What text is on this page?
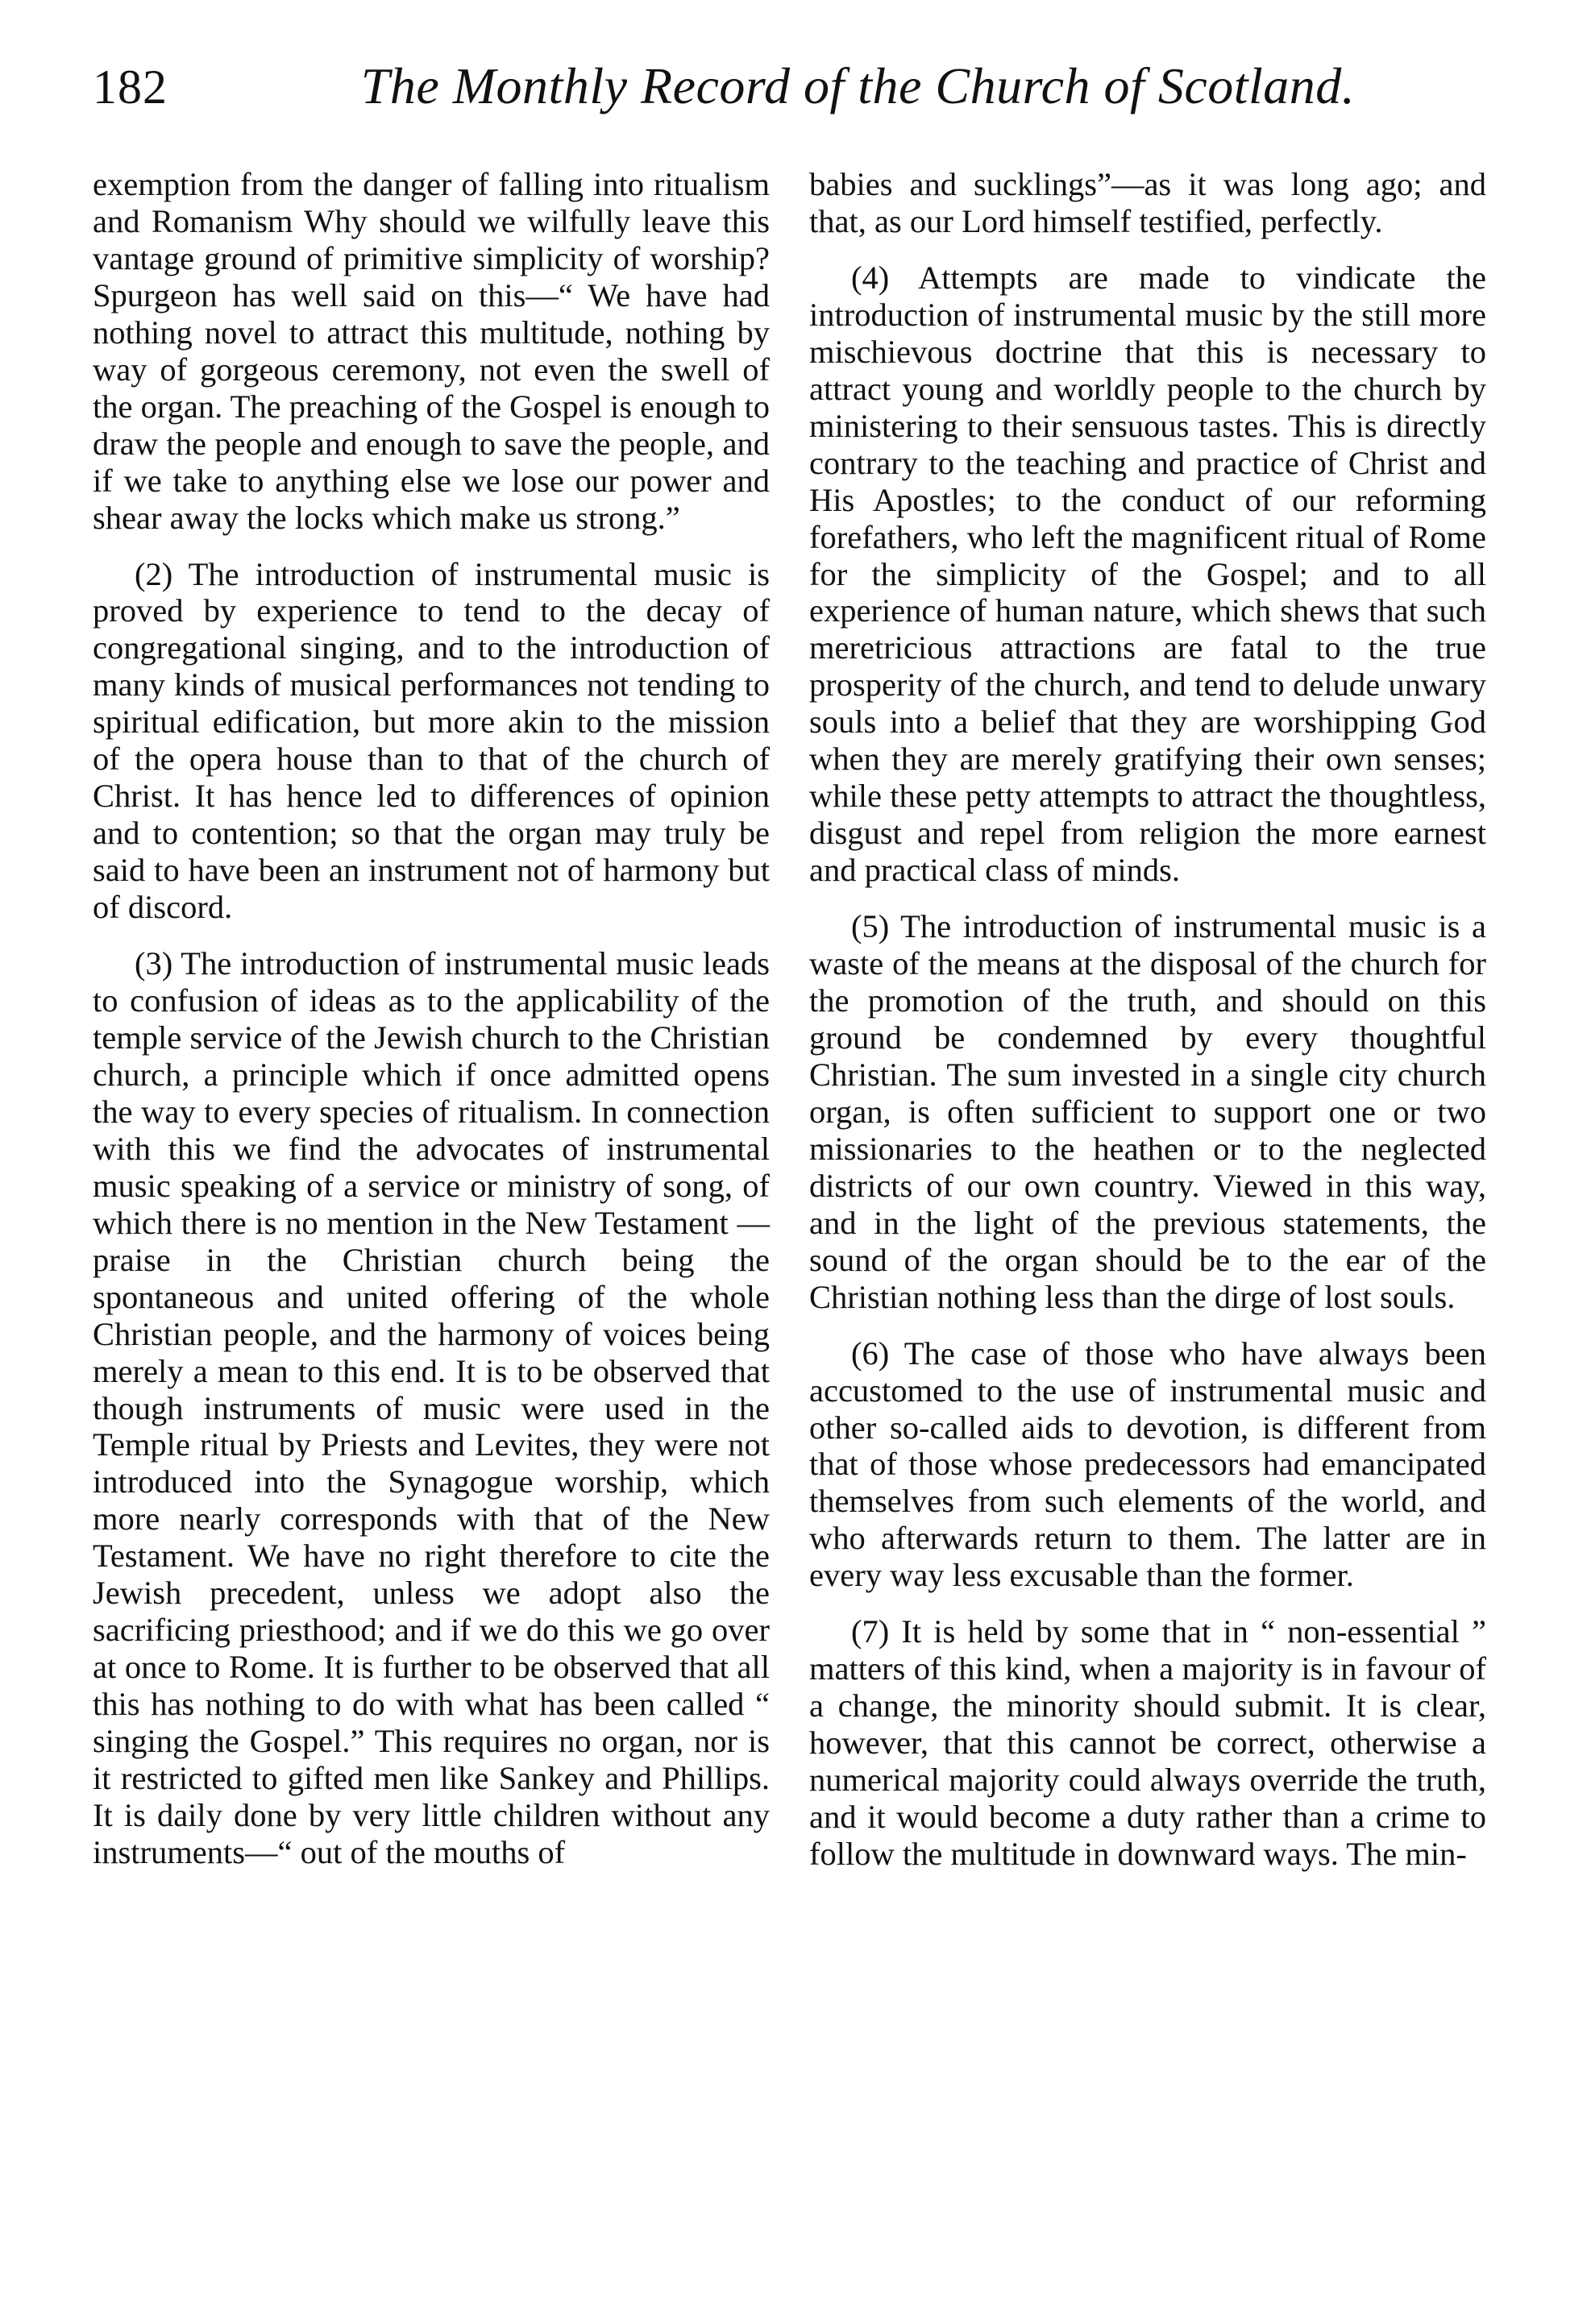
182	The Monthly Record of the Church of Scotland.

exemption from the danger of falling into ritualism and Romanism Why should we wilfully leave this vantage ground of primitive simplicity of worship? Spurgeon has well said on this—“ We have had nothing novel to attract this multitude, nothing by way of gorgeous ceremony, not even the swell of the organ. The preaching of the Gospel is enough to draw the people and enough to save the people, and if we take to anything else we lose our power and shear away the locks which make us strong.”

(2) The introduction of instrumental music is proved by experience to tend to the decay of congregational singing, and to the introduction of many kinds of musical performances not tending to spiritual edification, but more akin to the mission of the opera house than to that of the church of Christ. It has hence led to differences of opinion and to contention; so that the organ may truly be said to have been an instrument not of harmony but of discord.

(3) The introduction of instrumental music leads to confusion of ideas as to the applicability of the temple service of the Jewish church to the Christian church, a principle which if once admitted opens the way to every species of ritualism. In connection with this we find the advocates of instrumental music speaking of a service or ministry of song, of which there is no mention in the New Testament —praise in the Christian church being the spontaneous and united offering of the whole Christian people, and the harmony of voices being merely a mean to this end. It is to be observed that though instruments of music were used in the Temple ritual by Priests and Levites, they were not introduced into the Synagogue worship, which more nearly corresponds with that of the New Testament. We have no right therefore to cite the Jewish precedent, unless we adopt also the sacrificing priesthood; and if we do this we go over at once to Rome. It is further to be observed that all this has nothing to do with what has been called “ singing the Gospel.” This requires no organ, nor is it restricted to gifted men like Sankey and Phillips. It is daily done by very little children without any instruments—“ out of the mouths of

babies and sucklings”—as it was long ago; and that, as our Lord himself testified, perfectly.

(4) Attempts are made to vindicate the introduction of instrumental music by the still more mischievous doctrine that this is necessary to attract young and worldly people to the church by ministering to their sensuous tastes. This is directly contrary to the teaching and practice of Christ and His Apostles; to the conduct of our reforming forefathers, who left the magnificent ritual of Rome for the simplicity of the Gospel; and to all experience of human nature, which shews that such meretricious attractions are fatal to the true prosperity of the church, and tend to delude unwary souls into a belief that they are worshipping God when they are merely gratifying their own senses; while these petty attempts to attract the thoughtless, disgust and repel from religion the more earnest and practical class of minds.

(5) The introduction of instrumental music is a waste of the means at the disposal of the church for the promotion of the truth, and should on this ground be condemned by every thoughtful Christian. The sum invested in a single city church organ, is often sufficient to support one or two missionaries to the heathen or to the neglected districts of our own country. Viewed in this way, and in the light of the previous statements, the sound of the organ should be to the ear of the Christian nothing less than the dirge of lost souls.

(6) The case of those who have always been accustomed to the use of instrumental music and other so-called aids to devotion, is different from that of those whose predecessors had emancipated themselves from such elements of the world, and who afterwards return to them. The latter are in every way less excusable than the former.

(7) It is held by some that in “ non-essential ” matters of this kind, when a majority is in favour of a change, the minority should submit. It is clear, however, that this cannot be correct, otherwise a numerical majority could always override the truth, and it would become a duty rather than a crime to follow the multitude in downward ways. The min-
